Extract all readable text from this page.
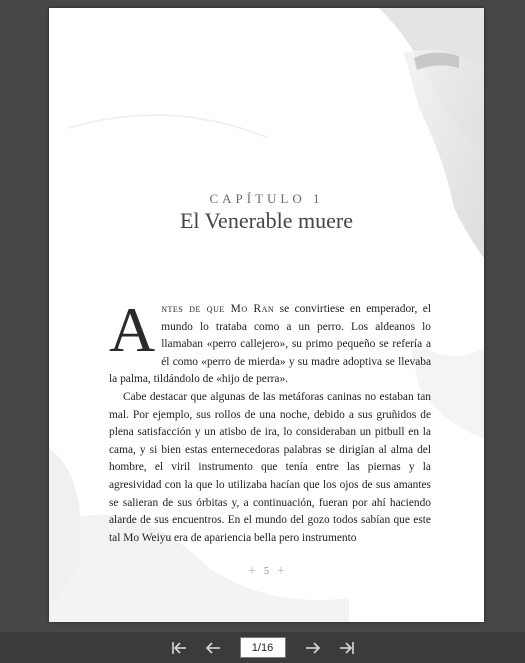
CAPÍTULO 1
El Venerable muere

Antes de que Mo Ran se convirtiese en emperador, el mundo lo trataba como a un perro. Los aldeanos lo llamaban «perro callejero», su primo pequeño se refería a él como «perro de mierda» y su madre adoptiva se llevaba la palma, tildándolo de «hijo de perra».

Cabe destacar que algunas de las metáforas caninas no estaban tan mal. Por ejemplo, sus rollos de una noche, debido a sus gruñidos de plena satisfacción y un atisbo de ira, lo consideraban un pitbull en la cama, y si bien estas enternecedoras palabras se dirigían al alma del hombre, el viril instrumento que tenía entre las piernas y la agresividad con la que lo utilizaba hacían que los ojos de sus amantes se salieran de sus órbitas y, a continuación, fueran por ahí haciendo alarde de sus encuentros. En el mundo del gozo todos sabían que este tal Mo Weiyu era de apariencia bella pero instrumento

+ 5 +
1/16
